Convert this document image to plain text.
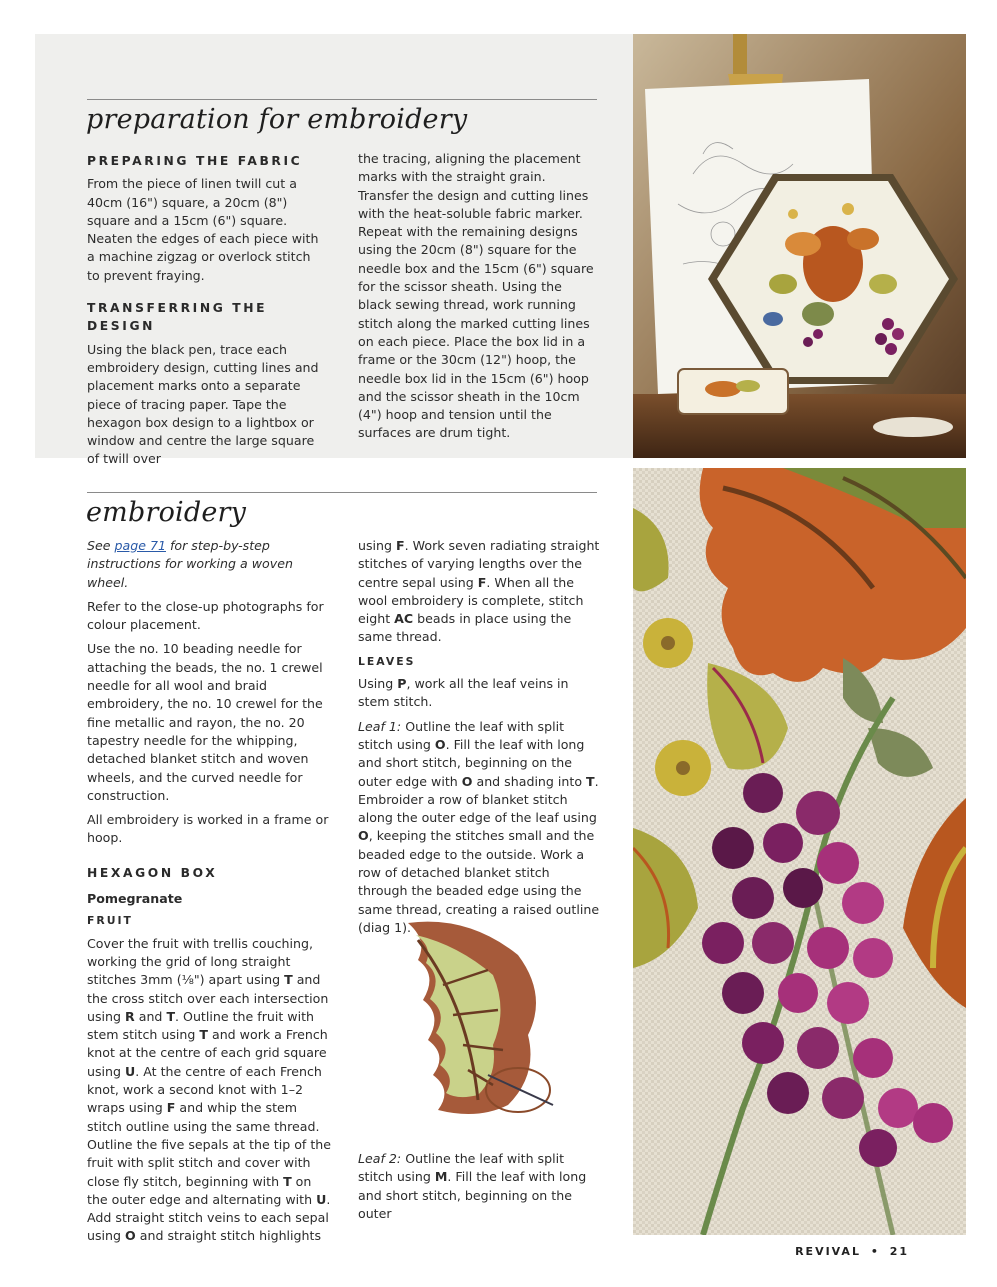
preparation for embroidery
PREPARING THE FABRIC

From the piece of linen twill cut a 40cm (16") square, a 20cm (8") square and a 15cm (6") square. Neaten the edges of each piece with a machine zigzag or overlock stitch to prevent fraying.

TRANSFERRING THE DESIGN

Using the black pen, trace each embroidery design, cutting lines and placement marks onto a separate piece of tracing paper. Tape the hexagon box design to a lightbox or window and centre the large square of twill over

the tracing, aligning the placement marks with the straight grain. Transfer the design and cutting lines with the heat-soluble fabric marker. Repeat with the remaining designs using the 20cm (8") square for the needle box and the 15cm (6") square for the scissor sheath. Using the black sewing thread, work running stitch along the marked cutting lines on each piece. Place the box lid in a frame or the 30cm (12") hoop, the needle box lid in the 15cm (6") hoop and the scissor sheath in the 10cm (4") hoop and tension until the surfaces are drum tight.

embroidery

See page 71 for step-by-step instructions for working a woven wheel.

Refer to the close-up photographs for colour placement.

Use the no. 10 beading needle for attaching the beads, the no. 1 crewel needle for all wool and braid embroidery, the no. 10 crewel for the fine metallic and rayon, the no. 20 tapestry needle for the whipping, detached blanket stitch and woven wheels, and the curved needle for construction.

All embroidery is worked in a frame or hoop.

HEXAGON BOX
Pomegranate
FRUIT

Cover the fruit with trellis couching, working the grid of long straight stitches 3mm (⅛") apart using T and the cross stitch over each intersection using R and T. Outline the fruit with stem stitch using T and work a French knot at the centre of each grid square using U. At the centre of each French knot, work a second knot with 1–2 wraps using F and whip the stem stitch outline using the same thread. Outline the five sepals at the tip of the fruit with split stitch and cover with close fly stitch, beginning with T on the outer edge and alternating with U. Add straight stitch veins to each sepal using O and straight stitch highlights

using F. Work seven radiating straight stitches of varying lengths over the centre sepal using F. When all the wool embroidery is complete, stitch eight AC beads in place using the same thread.

LEAVES

Using P, work all the leaf veins in stem stitch.

Leaf 1: Outline the leaf with split stitch using O. Fill the leaf with long and short stitch, beginning on the outer edge with O and shading into T. Embroider a row of blanket stitch along the outer edge of the leaf using O, keeping the stitches small and the beaded edge to the outside. Work a row of detached blanket stitch through the beaded edge using the same thread, creating a raised outline (diag 1).

Leaf 2: Outline the leaf with split stitch using M. Fill the leaf with long and short stitch, beginning on the outer

REVIVAL • 21
